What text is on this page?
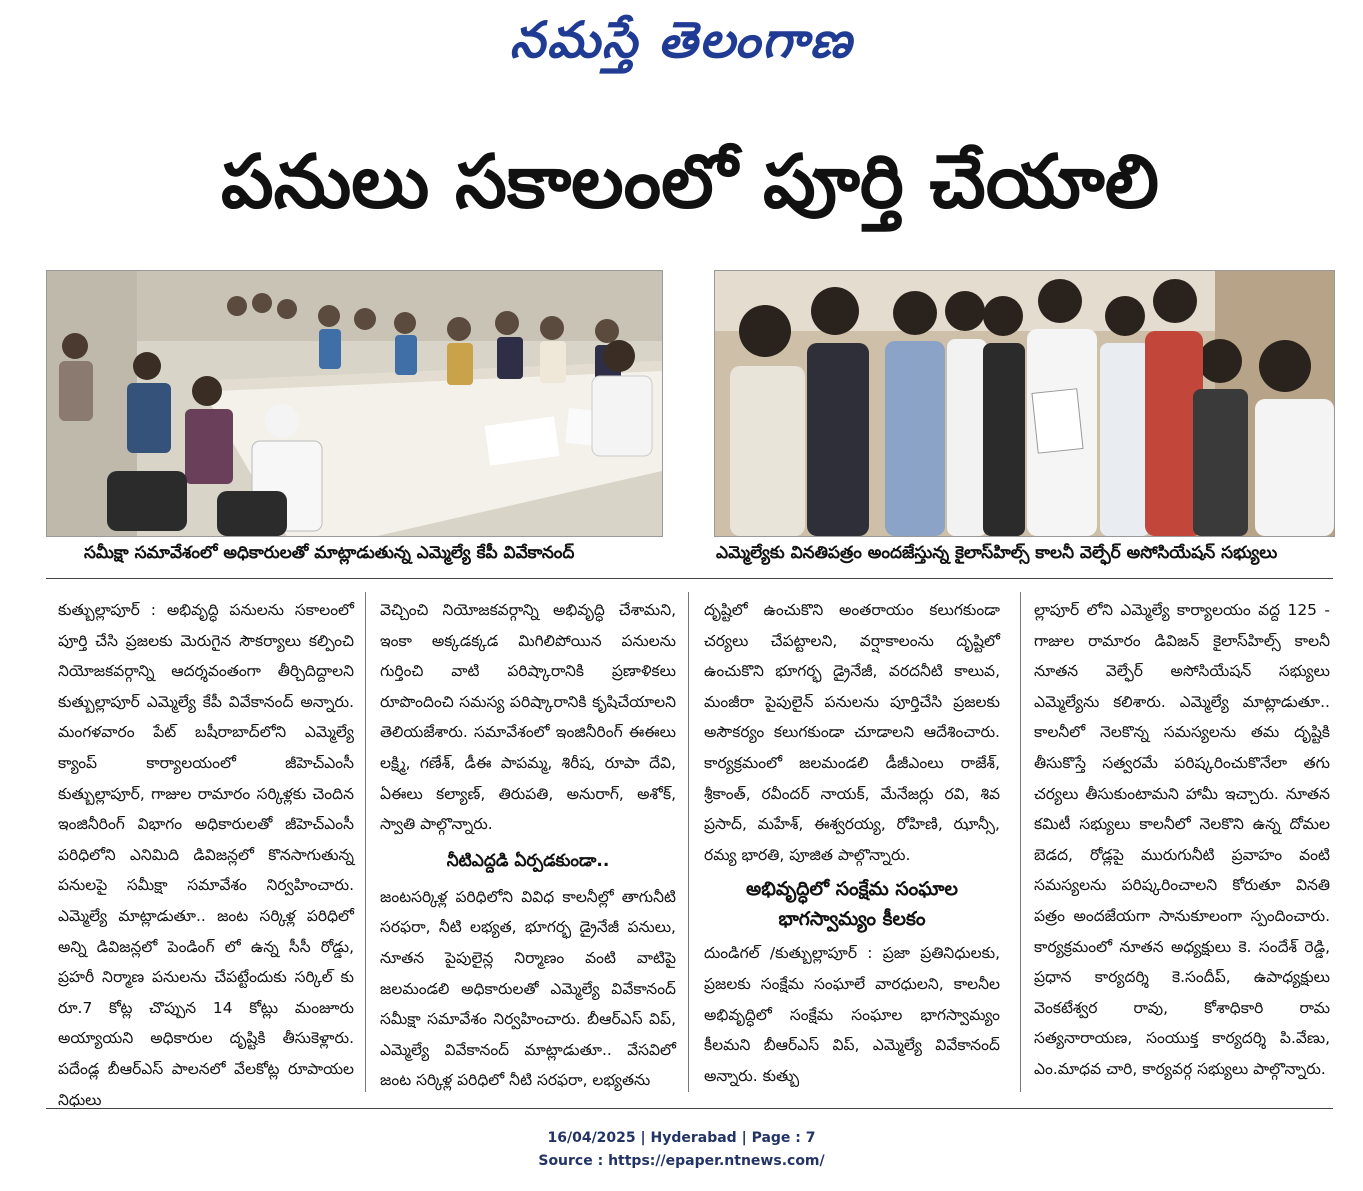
నమస్తే తెలంగాణ
పనులు సకాలంలో పూర్తి చేయాలి
సమీక్షా సమావేశంలో అధికారులతో మాట్లాడుతున్న ఎమ్మెల్యే కేపీ వివేకానంద్	ఎమ్మెల్యేకు వినతిపత్రం అందజేస్తున్న కైలాస్‌హిల్స్ కాలనీ వెల్ఫేర్ అసోసియేషన్ సభ్యులు

కుత్బుల్లాపూర్ : అభివృద్ధి పనులను సకాలంలో పూర్తి చేసి ప్రజలకు మెరుగైన సౌకర్యాలు కల్పించి నియోజకవర్గాన్ని ఆదర్శవంతంగా తీర్చిదిద్దాలని కుత్బుల్లాపూర్ ఎమ్మెల్యే కేపీ వివేకానంద్ అన్నారు. మంగళవారం పేట్ బషీరాబాద్‌లోని ఎమ్మెల్యే క్యాంప్ కార్యాలయంలో జీహెచ్‌ఎంసీ కుత్బుల్లాపూర్, గాజుల రామారం సర్కిళ్లకు చెందిన ఇంజినీరింగ్ విభాగం అధికారులతో జీహెచ్‌ఎంసీ పరిధిలోని ఎనిమిది డివిజన్లలో కొనసాగుతున్న పనులపై సమీక్షా సమావేశం నిర్వహించారు. ఎమ్మెల్యే మాట్లాడుతూ.. జంట సర్కిళ్ల పరిధిలో అన్ని డివిజన్లలో పెండింగ్ లో ఉన్న సీసీ రోడ్డు, ప్రహరీ నిర్మాణ పనులను చేపట్టేందుకు సర్కిల్ కు రూ.7 కోట్ల చొప్పున 14 కోట్లు మంజూరు అయ్యాయని అధికారుల దృష్టికి తీసుకెళ్లారు. పదేండ్ల బీఆర్‌ఎస్ పాలనలో వేలకోట్ల రూపాయల నిధులు

వెచ్చించి నియోజకవర్గాన్ని అభివృద్ధి చేశామని, ఇంకా అక్కడక్కడ మిగిలిపోయిన పనులను గుర్తించి వాటి పరిష్కారానికి ప్రణాళికలు రూపొందించి సమస్య పరిష్కారానికి కృషిచేయాలని తెలియజేశారు. సమావేశంలో ఇంజినీరింగ్ ఈఈలు లక్ష్మి, గణేశ్, డీఈ పాపమ్మ, శిరీష, రూపా దేవి, ఏఈలు కల్యాణ్, తిరుపతి, అనురాగ్, అశోక్, స్వాతి పాల్గొన్నారు.

నీటిఎద్దడి ఏర్పడకుండా..

జంటసర్కిళ్ల పరిధిలోని వివిధ కాలనీల్లో తాగునీటి సరఫరా, నీటి లభ్యత, భూగర్భ డ్రైనేజీ పనులు, నూతన పైపులైన్ల నిర్మాణం వంటి వాటిపై జలమండలి అధికారులతో ఎమ్మెల్యే వివేకానంద్ సమీక్షా సమావేశం నిర్వహించారు. బీఆర్‌ఎస్ విప్, ఎమ్మెల్యే వివేకానంద్ మాట్లాడుతూ.. వేసవిలో జంట సర్కిళ్ల పరిధిలో నీటి సరఫరా, లభ్యతను

దృష్టిలో ఉంచుకొని అంతరాయం కలుగకుండా చర్యలు చేపట్టాలని, వర్షాకాలంను దృష్టిలో ఉంచుకొని భూగర్భ డ్రైనేజీ, వరదనీటి కాలువ, మంజీరా పైపులైన్ పనులను పూర్తిచేసి ప్రజలకు అసౌకర్యం కలుగకుండా చూడాలని ఆదేశించారు. కార్యక్రమంలో జలమండలి డీజీఎంలు రాజేశ్, శ్రీకాంత్, రవీందర్ నాయక్, మేనేజర్లు రవి, శివ ప్రసాద్, మహేశ్, ఈశ్వరయ్య, రోహిణి, ఝాన్సీ, రమ్య భారతి, పూజిత పాల్గొన్నారు.

అభివృద్ధిలో సంక్షేమ సంఘాల భాగస్వామ్యం కీలకం

దుండిగల్ /కుత్బుల్లాపూర్ : ప్రజా ప్రతినిధులకు, ప్రజలకు సంక్షేమ సంఘాలే వారధులని, కాలనీల అభివృద్ధిలో సంక్షేమ సంఘాల భాగస్వామ్యం కీలమని బీఆర్‌ఎస్ విప్, ఎమ్మెల్యే వివేకానంద్ అన్నారు. కుత్బు

ల్లాపూర్ లోని ఎమ్మెల్యే కార్యాలయం వద్ద 125 - గాజుల రామారం డివిజన్ కైలాస్‌హిల్స్ కాలనీ నూతన వెల్ఫేర్ అసోసియేషన్ సభ్యులు ఎమ్మెల్యేను కలిశారు. ఎమ్మెల్యే మాట్లాడుతూ.. కాలనీలో నెలకొన్న సమస్యలను తమ దృష్టికి తీసుకొస్తే సత్వరమే పరిష్కరించుకొనేలా తగు చర్యలు తీసుకుంటామని హామీ ఇచ్చారు. నూతన కమిటీ సభ్యులు కాలనీలో నెలకొని ఉన్న దోమల బెడద, రోడ్లపై మురుగునీటి ప్రవాహం వంటి సమస్యలను పరిష్కరించాలని కోరుతూ వినతి పత్రం అందజేయగా సానుకూలంగా స్పందించారు. కార్యక్రమంలో నూతన అధ్యక్షులు కె. సందేశ్ రెడ్డి, ప్రధాన కార్యదర్శి కె.సందీప్, ఉపాధ్యక్షులు వెంకటేశ్వర రావు, కోశాధికారి రామ సత్యనారాయణ, సంయుక్త కార్యదర్శి పి.వేణు, ఎం.మాధవ చారి, కార్యవర్గ సభ్యులు పాల్గొన్నారు.

16/04/2025 | Hyderabad | Page : 7
Source : https://epaper.ntnews.com/
